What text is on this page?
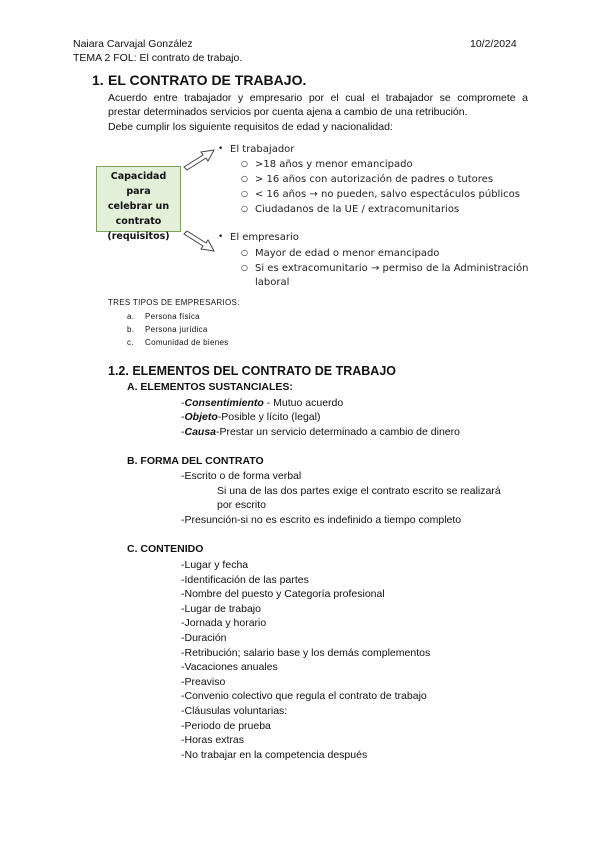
Naiara Carvajal González	10/2/2024
TEMA 2 FOL: El contrato de trabajo.
1. EL CONTRATO DE TRABAJO.
Acuerdo entre trabajador y empresario por el cual el trabajador se compromete a
prestar determinados servicios por cuenta ajena a cambio de una retribución.
Debe cumplir los siguiente requisitos de edad y nacionalidad:
Capacidad para
celebrar un
contrato
(requisitos)
• El trabajador
○ >18 años y menor emancipado
○ > 16 años con autorización de padres o tutores
○ < 16 años → no pueden, salvo espectáculos públicos
○ Ciudadanos de la UE / extracomunitarios
• El empresario
○ Mayor de edad o menor emancipado
○ Si es extracomunitario → permiso de la Administración
laboral
TRES TIPOS DE EMPRESARIOS:
a. Persona física
b. Persona jurídica
c. Comunidad de bienes
1.2. ELEMENTOS DEL CONTRATO DE TRABAJO
A. ELEMENTOS SUSTANCIALES:
-Consentimiento - Mutuo acuerdo
-Objeto-Posible y lícito (legal)
-Causa-Prestar un servicio determinado a cambio de dinero
B. FORMA DEL CONTRATO
-Escrito o de forma verbal
Si una de las dos partes exige el contrato escrito se realizará
por escrito
-Presunción-si no es escrito es indefinido a tiempo completo
C. CONTENIDO
-Lugar y fecha
-Identificación de las partes
-Nombre del puesto y Categoría profesional
-Lugar de trabajo
-Jornada y horario
-Duración
-Retribución; salario base y los demás complementos
-Vacaciones anuales
-Preaviso
-Convenio colectivo que regula el contrato de trabajo
-Cláusulas voluntarias:
-Periodo de prueba
-Horas extras
-No trabajar en la competencia después
